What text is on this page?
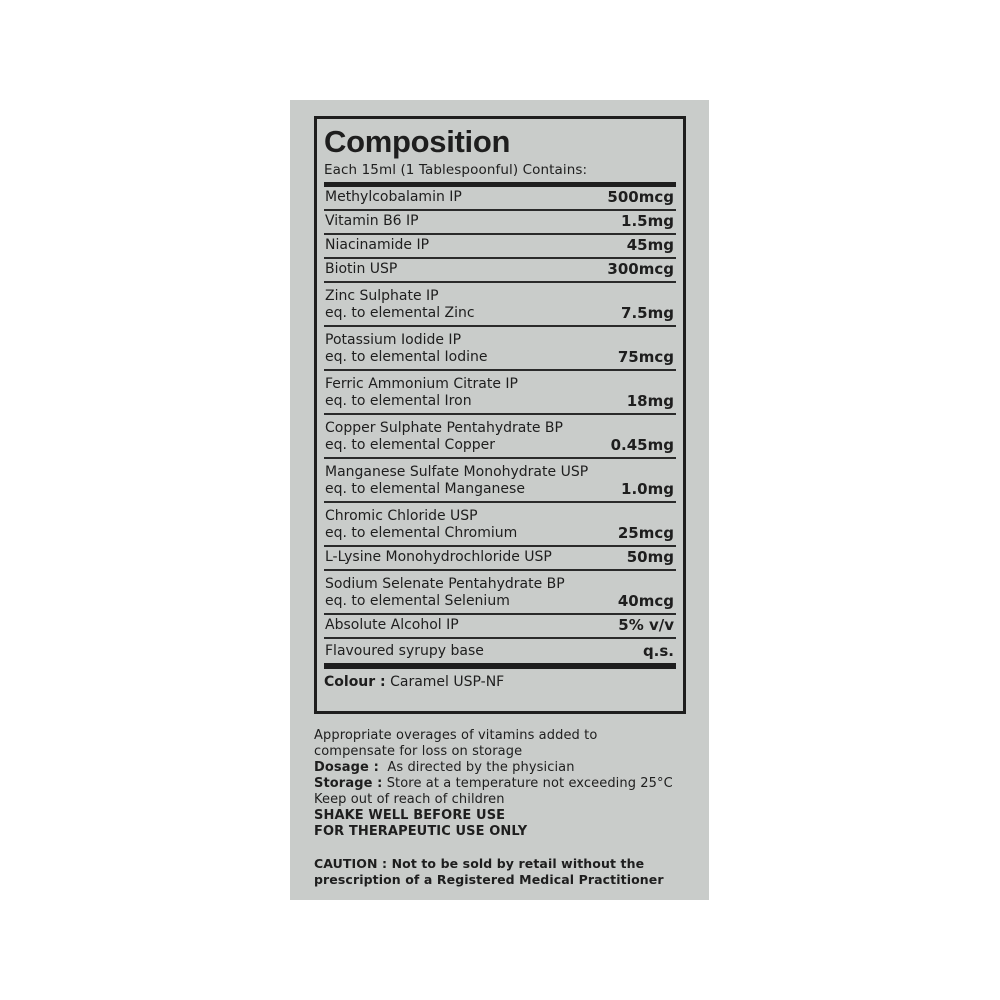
Composition
Each 15ml (1 Tablespoonful) Contains:
Methylcobalamin IP	500mcg
Vitamin B6 IP	1.5mg
Niacinamide IP	45mg
Biotin USP	300mcg
Zinc Sulphate IP
eq. to elemental Zinc	7.5mg
Potassium Iodide IP
eq. to elemental Iodine	75mcg
Ferric Ammonium Citrate IP
eq. to elemental Iron	18mg
Copper Sulphate Pentahydrate BP
eq. to elemental Copper	0.45mg
Manganese Sulfate Monohydrate USP
eq. to elemental Manganese	1.0mg
Chromic Chloride USP
eq. to elemental Chromium	25mcg
L-Lysine Monohydrochloride USP	50mg
Sodium Selenate Pentahydrate BP
eq. to elemental Selenium	40mcg
Absolute Alcohol IP	5% v/v
Flavoured syrupy base	q.s.
Colour : Caramel USP-NF

Appropriate overages of vitamins added to

compensate for loss on storage

Dosage : As directed by the physician

Storage : Store at a temperature not exceeding 25°C

Keep out of reach of children

SHAKE WELL BEFORE USE

FOR THERAPEUTIC USE ONLY

CAUTION : Not to be sold by retail without the

prescription of a Registered Medical Practitioner
